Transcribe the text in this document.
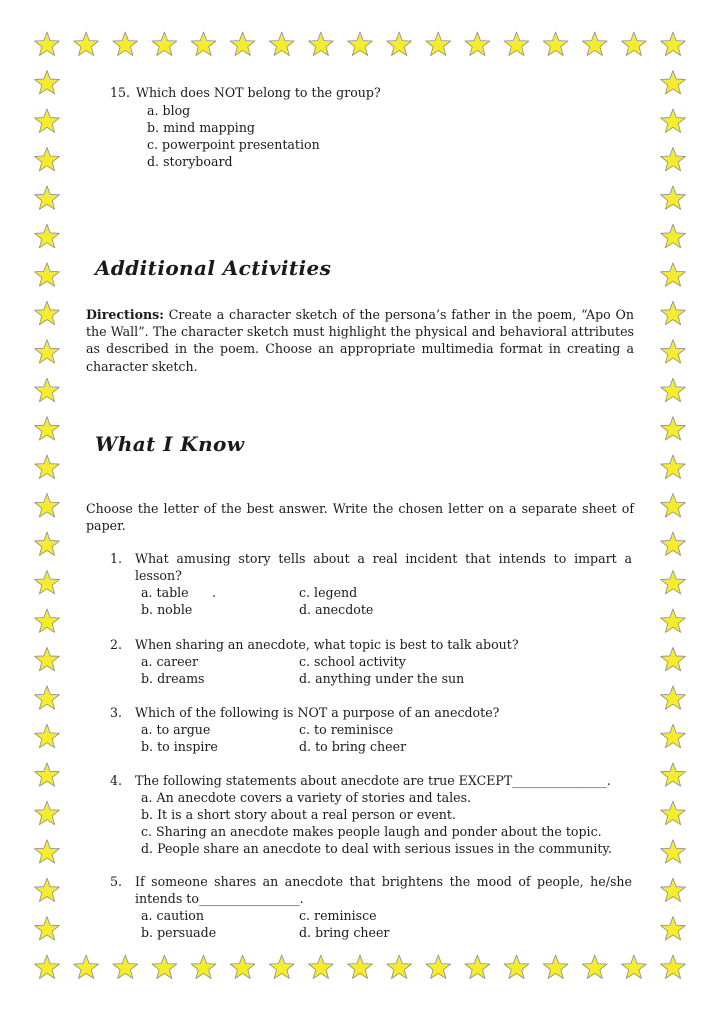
15. Which does NOT belong to the group?
a. blog
b. mind mapping
c. powerpoint presentation
d. storyboard
Additional Activities
Directions: Create a character sketch of the persona’s father in the poem, “Apo On the Wall”. The character sketch must highlight the physical and behavioral attributes as described in the poem. Choose an appropriate multimedia format in creating a character sketch.
What I Know
Choose the letter of the best answer. Write the chosen letter on a separate sheet of paper.
1. What amusing story tells about a real incident that intends to impart a lesson?
a. table .	c. legend
b. noble	d. anecdote
2. When sharing an anecdote, what topic is best to talk about?
a. career	c. school activity
b. dreams	d. anything under the sun
3. Which of the following is NOT a purpose of an anecdote?
a. to argue	c. to reminisce
b. to inspire	d. to bring cheer
4. The following statements about anecdote are true EXCEPT_______________.
a. An anecdote covers a variety of stories and tales.
b. It is a short story about a real person or event.
c. Sharing an anecdote makes people laugh and ponder about the topic.
d. People share an anecdote to deal with serious issues in the community.
5. If someone shares an anecdote that brightens the mood of people, he/she intends to________________.
a. caution	c. reminisce
b. persuade	d. bring cheer
